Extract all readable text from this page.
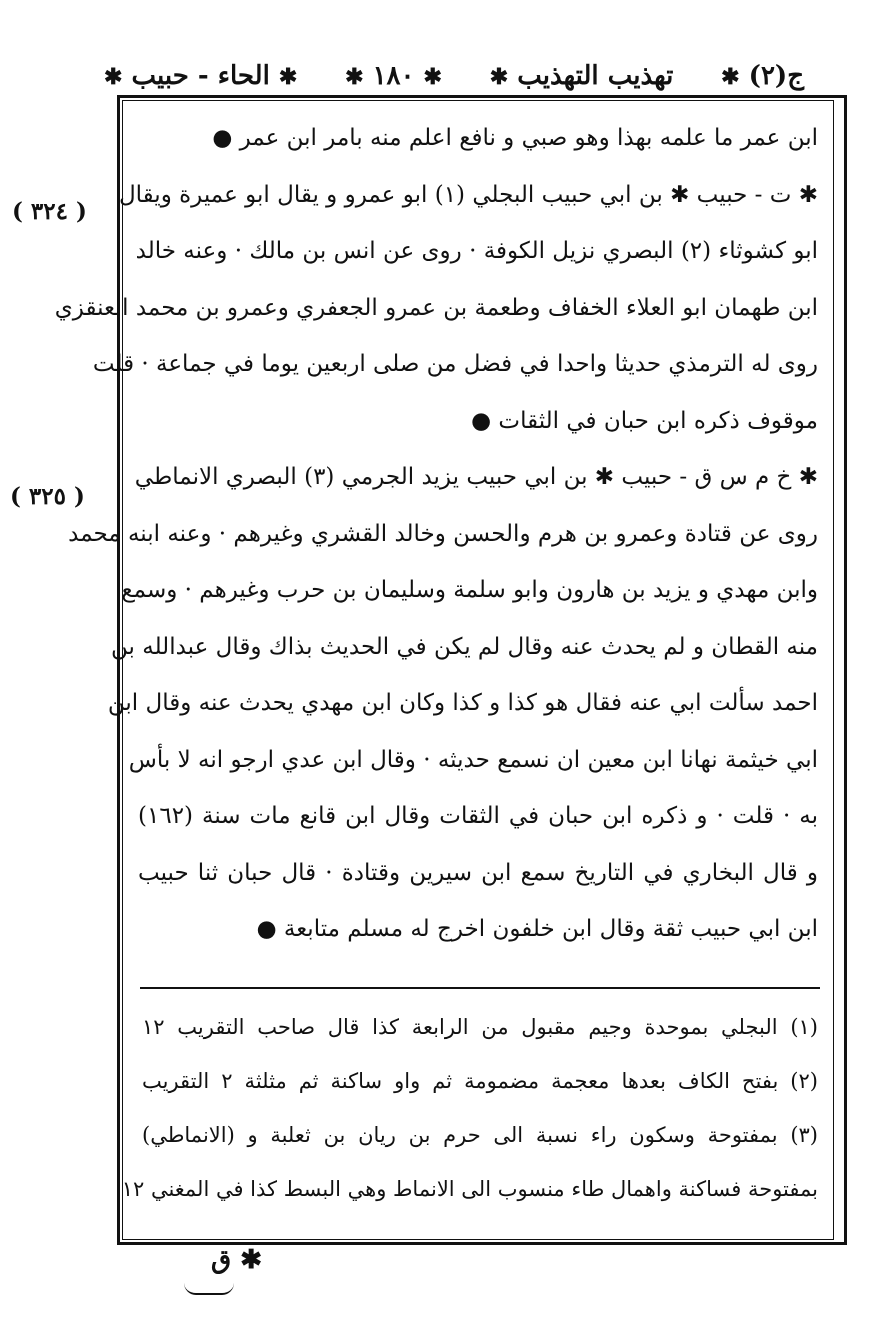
ج(٢) ✱
تهذيب التهذيب ✱
✱ ١٨٠ ✱
✱ الحاء - حبيب ✱
( ٣٢٤ )
( ٣٢٥ )
ابن عمر ما علمه بهذا وهو صبي و نافع اعلم منه بامر ابن عمر ●
✱ ت - حبيب ✱ بن ابي حبيب البجلي (١) ابو عمرو و يقال ابو عميرة ويقال
ابو كشوثاء (٢) البصري نزيل الكوفة · روى عن انس بن مالك · وعنه خالد
ابن طهمان ابو العلاء الخفاف وطعمة بن عمرو الجعفري وعمرو بن محمد العنقزي
روى له الترمذي حديثا واحدا في فضل من صلى اربعين يوما في جماعة · قلت
موقوف ذكره ابن حبان في الثقات ●
✱ خ م س ق - حبيب ✱ بن ابي حبيب يزيد الجرمي (٣) البصري الانماطي
روى عن قتادة وعمرو بن هرم والحسن وخالد القشري وغيرهم · وعنه ابنه محمد
وابن مهدي و يزيد بن هارون وابو سلمة وسليمان بن حرب وغيرهم · وسمع
منه القطان و لم يحدث عنه وقال لم يكن في الحديث بذاك وقال عبدالله بن
احمد سألت ابي عنه فقال هو كذا و كذا وكان ابن مهدي يحدث عنه وقال ابن
ابي خيثمة نهانا ابن معين ان نسمع حديثه · وقال ابن عدي ارجو انه لا بأس
به · قلت · و ذكره ابن حبان في الثقات وقال ابن قانع مات سنة (١٦٢)
و قال البخاري في التاريخ سمع ابن سيرين وقتادة · قال حبان ثنا حبيب
ابن ابي حبيب ثقة وقال ابن خلفون اخرج له مسلم متابعة ●
(١) البجلي بموحدة وجيم مقبول من الرابعة كذا قال صاحب التقريب ١٢
(٢) بفتح الكاف بعدها معجمة مضمومة ثم واو ساكنة ثم مثلثة ٢ التقريب
(٣) بمفتوحة وسكون راء نسبة الى حرم بن ريان بن ثعلبة و (الانماطي)
بمفتوحة فساكنة واهمال طاء منسوب الى الانماط وهي البسط كذا في المغني ١٢
✱ ق
